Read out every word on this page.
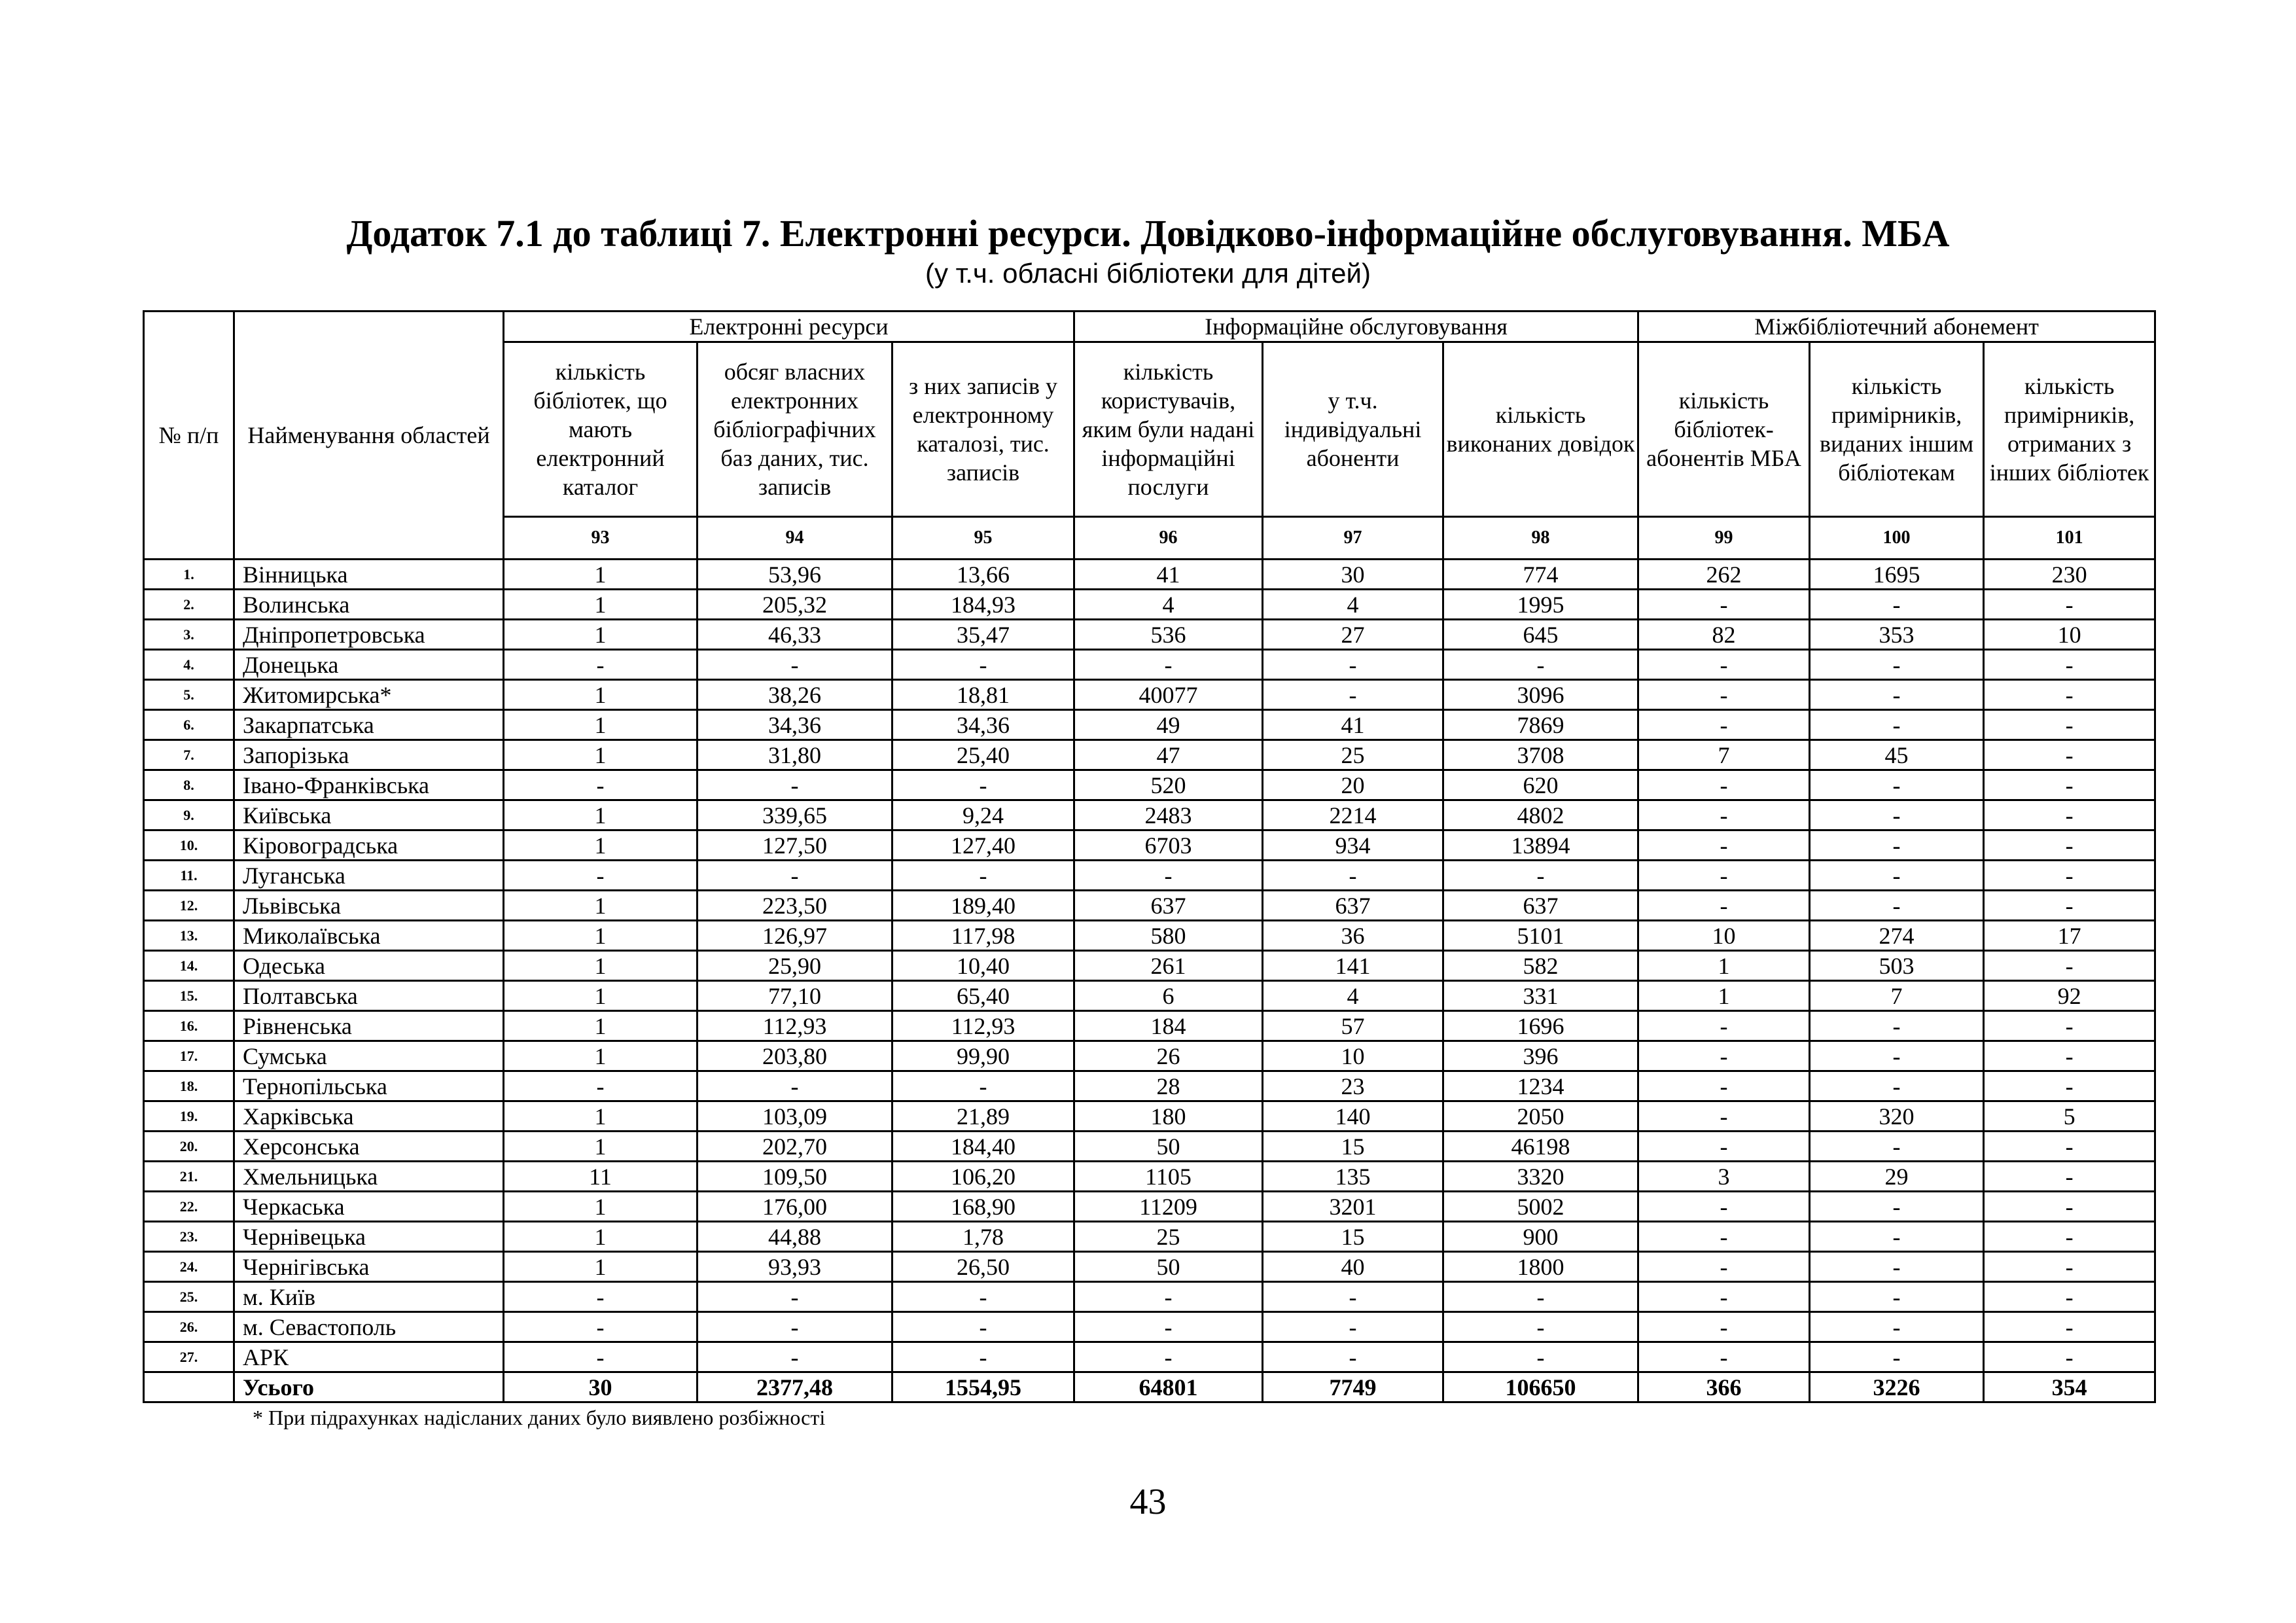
Додаток 7.1 до таблиці 7. Електронні ресурси. Довідково-інформаційне обслуговування. МБА
(у т.ч. обласні бібліотеки для дітей)
№ п/п	Найменування областей	Електронні ресурси			Інформаційне обслуговування			Міжбібліотечний абонемент		
		кількість бібліотек, що мають електронний каталог	обсяг власних електронних бібліографічних баз даних, тис. записів	з них записів у електронному каталозі, тис. записів	кількість користувачів, яким були надані інформаційні послуги	у т.ч. індивідуальні абоненти	кількість виконаних довідок	кількість бібліотек-абонентів МБА	кількість примірників, виданих іншим бібліотекам	кількість примірників, отриманих з інших бібліотек
		93	94	95	96	97	98	99	100	101
1.	Вінницька	1	53,96	13,66	41	30	774	262	1695	230
2.	Волинська	1	205,32	184,93	4	4	1995	-	-	-
3.	Дніпропетровська	1	46,33	35,47	536	27	645	82	353	10
4.	Донецька	-	-	-	-	-	-	-	-	-
5.	Житомирська*	1	38,26	18,81	40077	-	3096	-	-	-
6.	Закарпатська	1	34,36	34,36	49	41	7869	-	-	-
7.	Запорізька	1	31,80	25,40	47	25	3708	7	45	-
8.	Івано-Франківська	-	-	-	520	20	620	-	-	-
9.	Київська	1	339,65	9,24	2483	2214	4802	-	-	-
10.	Кіровоградська	1	127,50	127,40	6703	934	13894	-	-	-
11.	Луганська	-	-	-	-	-	-	-	-	-
12.	Львівська	1	223,50	189,40	637	637	637	-	-	-
13.	Миколаївська	1	126,97	117,98	580	36	5101	10	274	17
14.	Одеська	1	25,90	10,40	261	141	582	1	503	-
15.	Полтавська	1	77,10	65,40	6	4	331	1	7	92
16.	Рівненська	1	112,93	112,93	184	57	1696	-	-	-
17.	Сумська	1	203,80	99,90	26	10	396	-	-	-
18.	Тернопільська	-	-	-	28	23	1234	-	-	-
19.	Харківська	1	103,09	21,89	180	140	2050	-	320	5
20.	Херсонська	1	202,70	184,40	50	15	46198	-	-	-
21.	Хмельницька	11	109,50	106,20	1105	135	3320	3	29	-
22.	Черкаська	1	176,00	168,90	11209	3201	5002	-	-	-
23.	Чернівецька	1	44,88	1,78	25	15	900	-	-	-
24.	Чернігівська	1	93,93	26,50	50	40	1800	-	-	-
25.	м. Київ	-	-	-	-	-	-	-	-	-
26.	м. Севастополь	-	-	-	-	-	-	-	-	-
27.	АРК	-	-	-	-	-	-	-	-	-
	Усього	30	2377,48	1554,95	64801	7749	106650	366	3226	354
* При підрахунках надісланих даних було виявлено розбіжності
43
